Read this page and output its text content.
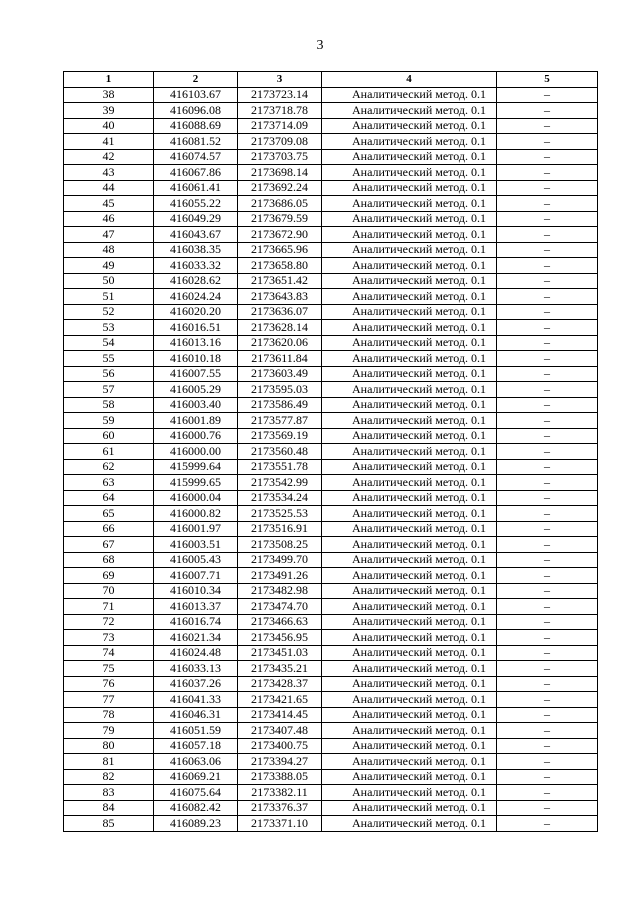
3
1	2	3	4	5
38	416103.67	2173723.14	Аналитический метод. 0.1	–
39	416096.08	2173718.78	Аналитический метод. 0.1	–
40	416088.69	2173714.09	Аналитический метод. 0.1	–
41	416081.52	2173709.08	Аналитический метод. 0.1	–
42	416074.57	2173703.75	Аналитический метод. 0.1	–
43	416067.86	2173698.14	Аналитический метод. 0.1	–
44	416061.41	2173692.24	Аналитический метод. 0.1	–
45	416055.22	2173686.05	Аналитический метод. 0.1	–
46	416049.29	2173679.59	Аналитический метод. 0.1	–
47	416043.67	2173672.90	Аналитический метод. 0.1	–
48	416038.35	2173665.96	Аналитический метод. 0.1	–
49	416033.32	2173658.80	Аналитический метод. 0.1	–
50	416028.62	2173651.42	Аналитический метод. 0.1	–
51	416024.24	2173643.83	Аналитический метод. 0.1	–
52	416020.20	2173636.07	Аналитический метод. 0.1	–
53	416016.51	2173628.14	Аналитический метод. 0.1	–
54	416013.16	2173620.06	Аналитический метод. 0.1	–
55	416010.18	2173611.84	Аналитический метод. 0.1	–
56	416007.55	2173603.49	Аналитический метод. 0.1	–
57	416005.29	2173595.03	Аналитический метод. 0.1	–
58	416003.40	2173586.49	Аналитический метод. 0.1	–
59	416001.89	2173577.87	Аналитический метод. 0.1	–
60	416000.76	2173569.19	Аналитический метод. 0.1	–
61	416000.00	2173560.48	Аналитический метод. 0.1	–
62	415999.64	2173551.78	Аналитический метод. 0.1	–
63	415999.65	2173542.99	Аналитический метод. 0.1	–
64	416000.04	2173534.24	Аналитический метод. 0.1	–
65	416000.82	2173525.53	Аналитический метод. 0.1	–
66	416001.97	2173516.91	Аналитический метод. 0.1	–
67	416003.51	2173508.25	Аналитический метод. 0.1	–
68	416005.43	2173499.70	Аналитический метод. 0.1	–
69	416007.71	2173491.26	Аналитический метод. 0.1	–
70	416010.34	2173482.98	Аналитический метод. 0.1	–
71	416013.37	2173474.70	Аналитический метод. 0.1	–
72	416016.74	2173466.63	Аналитический метод. 0.1	–
73	416021.34	2173456.95	Аналитический метод. 0.1	–
74	416024.48	2173451.03	Аналитический метод. 0.1	–
75	416033.13	2173435.21	Аналитический метод. 0.1	–
76	416037.26	2173428.37	Аналитический метод. 0.1	–
77	416041.33	2173421.65	Аналитический метод. 0.1	–
78	416046.31	2173414.45	Аналитический метод. 0.1	–
79	416051.59	2173407.48	Аналитический метод. 0.1	–
80	416057.18	2173400.75	Аналитический метод. 0.1	–
81	416063.06	2173394.27	Аналитический метод. 0.1	–
82	416069.21	2173388.05	Аналитический метод. 0.1	–
83	416075.64	2173382.11	Аналитический метод. 0.1	–
84	416082.42	2173376.37	Аналитический метод. 0.1	–
85	416089.23	2173371.10	Аналитический метод. 0.1	–
